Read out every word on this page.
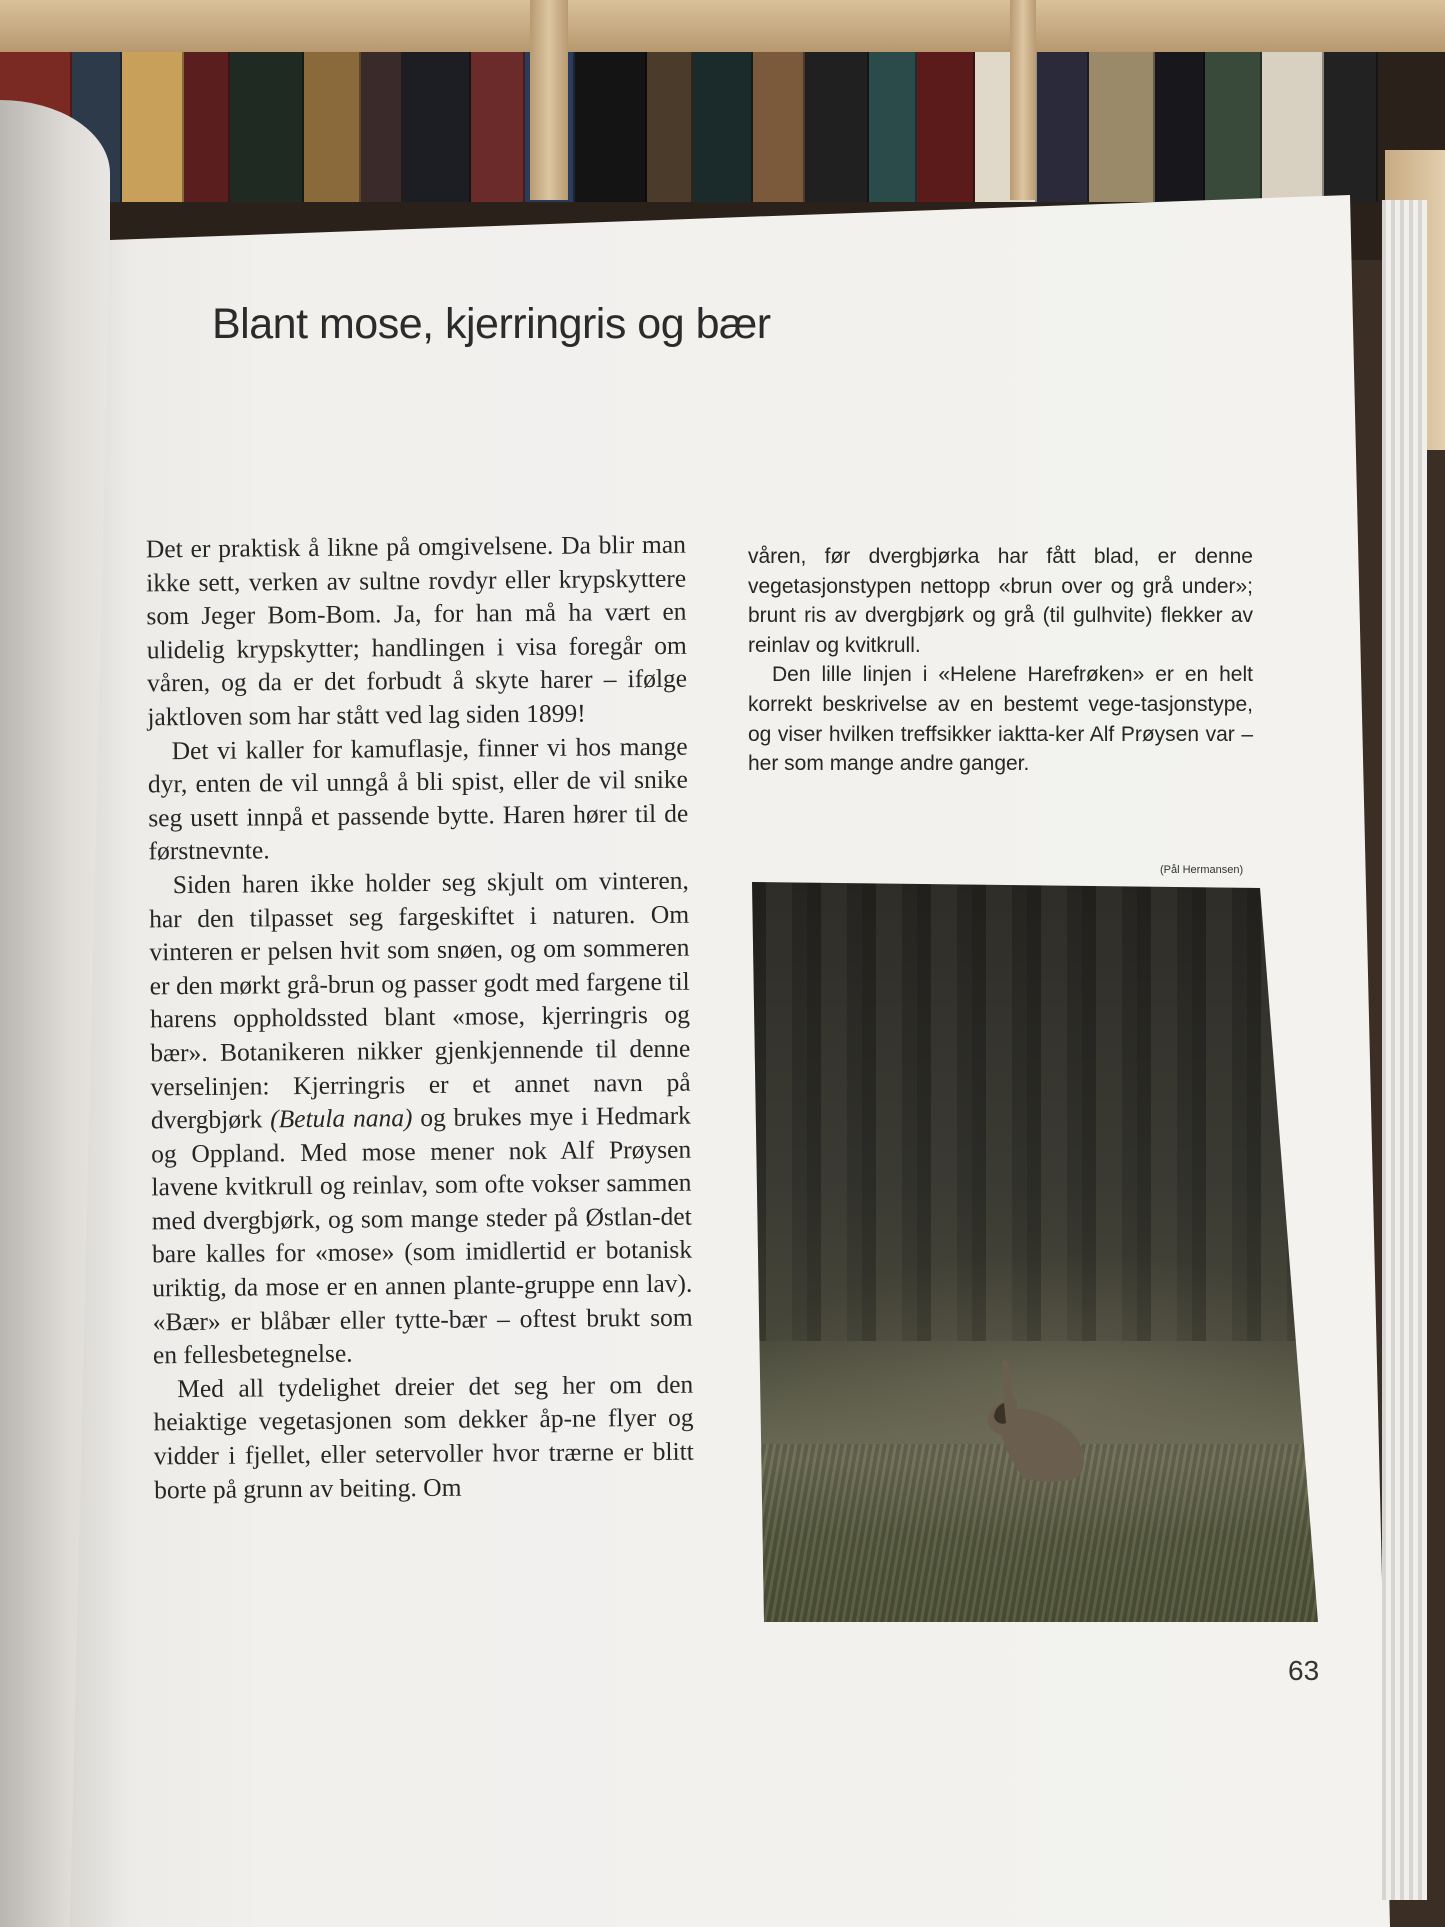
Blant mose, kjerringris og bær

Det er praktisk å likne på omgivelsene. Da blir man ikke sett, verken av sultne rovdyr eller krypskyttere som Jeger Bom-Bom. Ja, for han må ha vært en ulidelig krypskytter; handlingen i visa foregår om våren, og da er det forbudt å skyte harer – ifølge jaktloven som har stått ved lag siden 1899!

Det vi kaller for kamuflasje, finner vi hos mange dyr, enten de vil unngå å bli spist, eller de vil snike seg usett innpå et passende bytte. Haren hører til de førstnevnte.

Siden haren ikke holder seg skjult om vinteren, har den tilpasset seg fargeskiftet i naturen. Om vinteren er pelsen hvit som snøen, og om sommeren er den mørkt grå-brun og passer godt med fargene til harens oppholdssted blant «mose, kjerringris og bær». Botanikeren nikker gjenkjennende til denne verselinjen: Kjerringris er et annet navn på dvergbjørk (Betula nana) og brukes mye i Hedmark og Oppland. Med mose mener nok Alf Prøysen lavene kvitkrull og reinlav, som ofte vokser sammen med dvergbjørk, og som mange steder på Østlan-det bare kalles for «mose» (som imidlertid er botanisk uriktig, da mose er en annen plante-gruppe enn lav). «Bær» er blåbær eller tytte-bær – oftest brukt som en fellesbetegnelse.

Med all tydelighet dreier det seg her om den heiaktige vegetasjonen som dekker åp-ne flyer og vidder i fjellet, eller setervoller hvor trærne er blitt borte på grunn av beiting. Om

våren, før dvergbjørka har fått blad, er denne vegetasjonstypen nettopp «brun over og grå under»; brunt ris av dvergbjørk og grå (til gulhvite) flekker av reinlav og kvitkrull.

Den lille linjen i «Helene Harefrøken» er en helt korrekt beskrivelse av en bestemt vege-tasjonstype, og viser hvilken treffsikker iaktta-ker Alf Prøysen var – her som mange andre ganger.

(Pål Hermansen)
63
